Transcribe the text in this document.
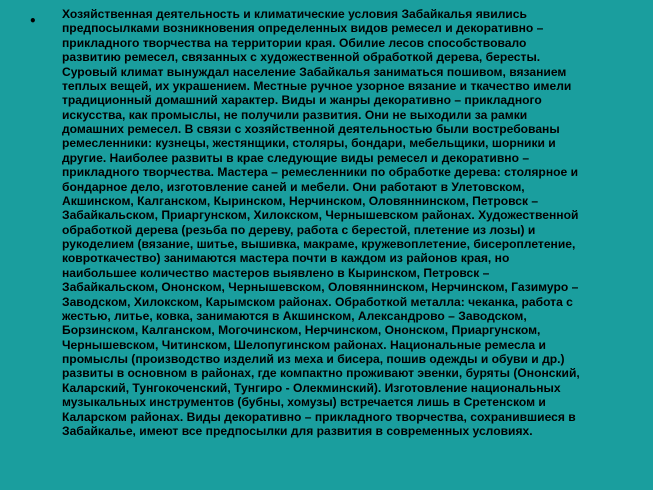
• Хозяйственная деятельность и климатические условия Забайкалья явились
предпосылками возникновения определенных видов ремесел и декоративно –
прикладного творчества на территории края. Обилие лесов способствовало
развитию ремесел, связанных с художественной обработкой дерева, бересты.
Суровый климат вынуждал население Забайкалья заниматься пошивом, вязанием
теплых вещей, их украшением. Местные ручное узорное вязание и ткачество имели
традиционный домашний характер. Виды и жанры декоративно – прикладного
искусства, как промыслы, не получили развития. Они не выходили за рамки
домашних ремесел. В связи с хозяйственной деятельностью были востребованы
ремесленники: кузнецы, жестянщики, столяры, бондари, мебельщики, шорники и
другие. Наиболее развиты в крае следующие виды ремесел и декоративно –
прикладного творчества. Мастера – ремесленники по обработке дерева: столярное и
бондарное дело, изготовление саней и мебели. Они работают в Улетовском,
Акшинском, Калганском, Кыринском, Нерчинском, Оловяннинском, Петровск –
Забайкальском, Приаргунском, Хилокском, Чернышевском районах. Художественной
обработкой дерева (резьба по дереву, работа с берестой, плетение из лозы) и
рукоделием (вязание, шитье, вышивка, макраме, кружевоплетение, бисероплетение,
ковроткачество) занимаются мастера почти в каждом из районов края, но
наибольшее количество мастеров выявлено в Кыринском, Петровск –
Забайкальском, Ононском, Чернышевском, Оловяннинском, Нерчинском, Газимуро –
Заводском, Хилокском, Карымском районах. Обработкой металла: чеканка, работа с
жестью, литье, ковка, занимаются в Акшинском, Александрово – Заводском,
Борзинском, Калганском, Могочинском, Нерчинском, Ононском, Приаргунском,
Чернышевском, Читинском, Шелопугинском районах. Национальные ремесла и
промыслы (производство изделий из меха и бисера, пошив одежды и обуви и др.)
развиты в основном в районах, где компактно проживают эвенки, буряты (Ононский,
Каларский, Тунгокоченский, Тунгиро - Олекминский). Изготовление национальных
музыкальных инструментов (бубны, хомузы) встречается лишь в Сретенском и
Каларском районах. Виды декоративно – прикладного творчества, сохранившиеся в
Забайкалье, имеют все предпосылки для развития в современных условиях.
